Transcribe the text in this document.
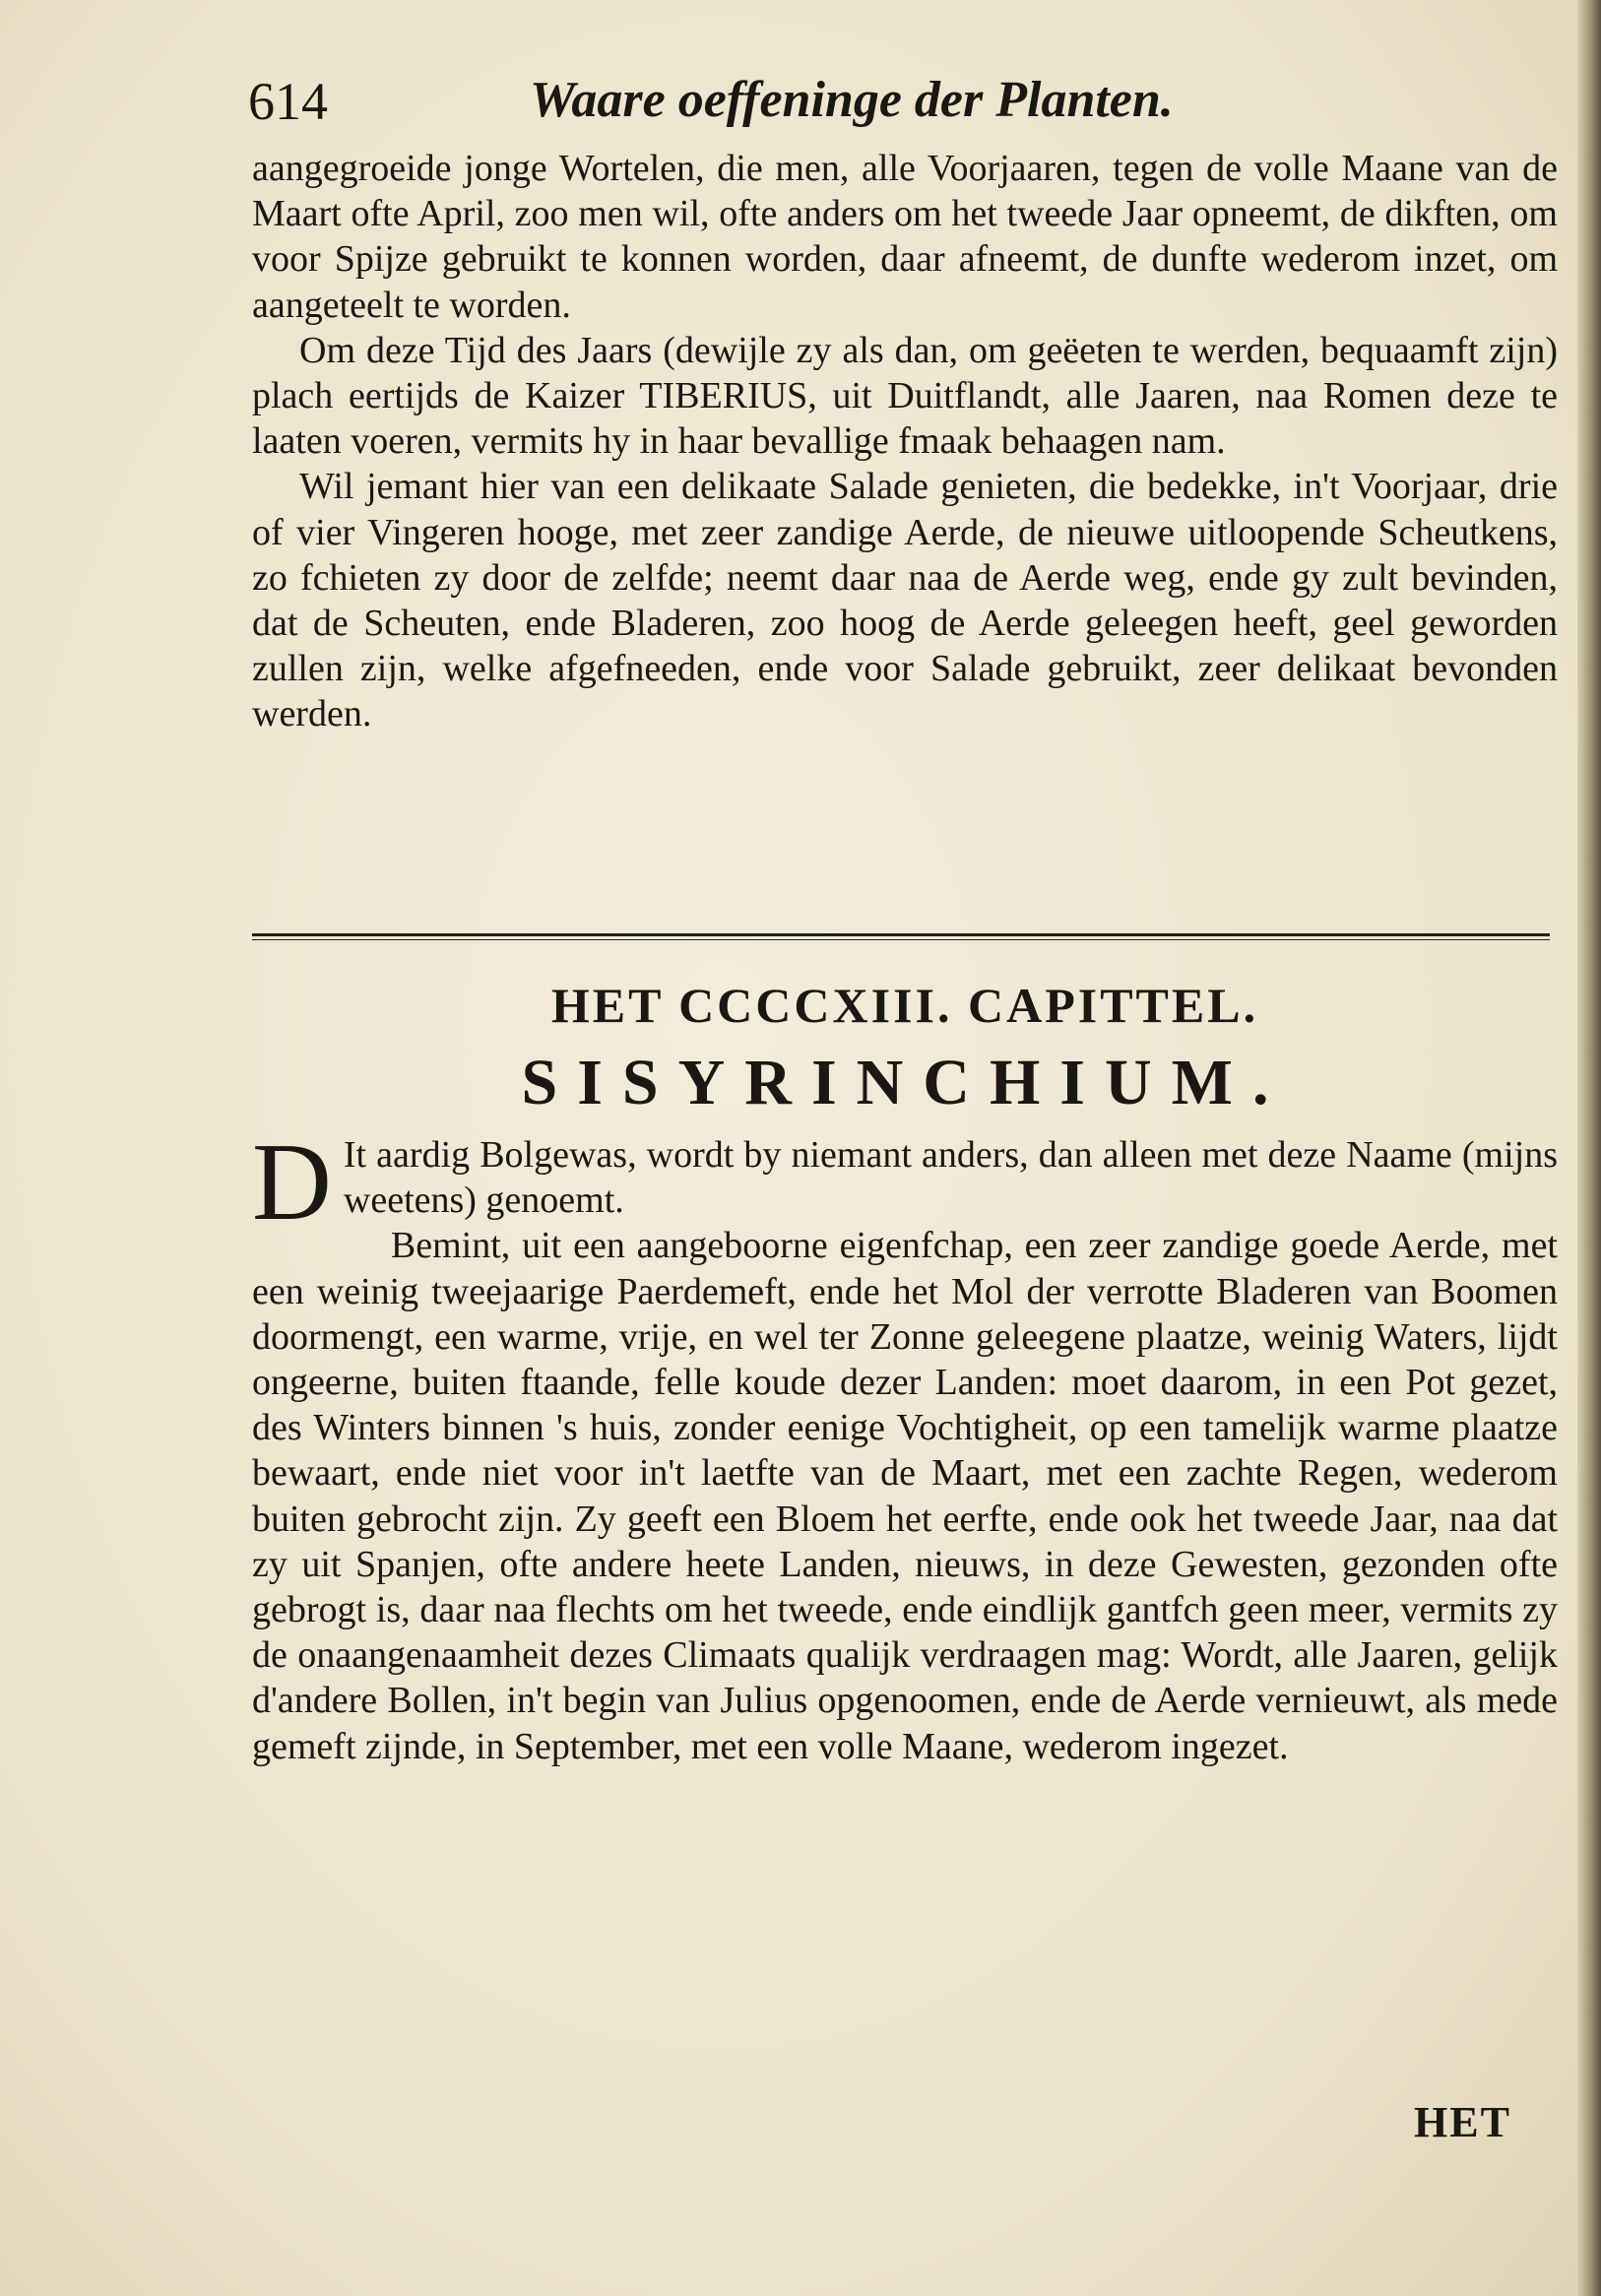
614	Waare oeffeninge der Planten.

aangegroeide jonge Wortelen, die men, alle Voorjaaren, tegen de volle Maane van de Maart ofte April, zoo men wil, ofte anders om het tweede Jaar opneemt, de dikften, om voor Spijze gebruikt te konnen worden, daar afneemt, de dunfte wederom inzet, om aangeteelt te worden.

Om deze Tijd des Jaars (dewijle zy als dan, om geëeten te werden, bequaamft zijn) plach eertijds de Kaizer TIBERIUS, uit Duitflandt, alle Jaaren, naa Romen deze te laaten voeren, vermits hy in haar bevallige fmaak behaagen nam.

Wil jemant hier van een delikaate Salade genieten, die bedekke, in't Voorjaar, drie of vier Vingeren hooge, met zeer zandige Aerde, de nieuwe uitloopende Scheutkens, zo fchieten zy door de zelfde; neemt daar naa de Aerde weg, ende gy zult bevinden, dat de Scheuten, ende Bladeren, zoo hoog de Aerde geleegen heeft, geel geworden zullen zijn, welke afgefneeden, ende voor Salade gebruikt, zeer delikaat bevonden werden.

HET CCCCXIII. CAPITTEL.
SISYRINCHIUM.

D It aardig Bolgewas, wordt by niemant anders, dan alleen met deze Naame (mijns weetens) genoemt.

Bemint, uit een aangeboorne eigenfchap, een zeer zandige goede Aerde, met een weinig tweejaarige Paerdemeft, ende het Mol der verrotte Bladeren van Boomen doormengt, een warme, vrije, en wel ter Zonne geleegene plaatze, weinig Waters, lijdt ongeerne, buiten ftaande, felle koude dezer Landen: moet daarom, in een Pot gezet, des Winters binnen 's huis, zonder eenige Vochtigheit, op een tamelijk warme plaatze bewaart, ende niet voor in't laetfte van de Maart, met een zachte Regen, wederom buiten gebrocht zijn. Zy geeft een Bloem het eerfte, ende ook het tweede Jaar, naa dat zy uit Spanjen, ofte andere heete Landen, nieuws, in deze Gewesten, gezonden ofte gebrogt is, daar naa flechts om het tweede, ende eindlijk gantfch geen meer, vermits zy de onaangenaamheit dezes Climaats qualijk verdraagen mag: Wordt, alle Jaaren, gelijk d'andere Bollen, in't begin van Julius opgenoomen, ende de Aerde vernieuwt, als mede gemeft zijnde, in September, met een volle Maane, wederom ingezet.

HET
